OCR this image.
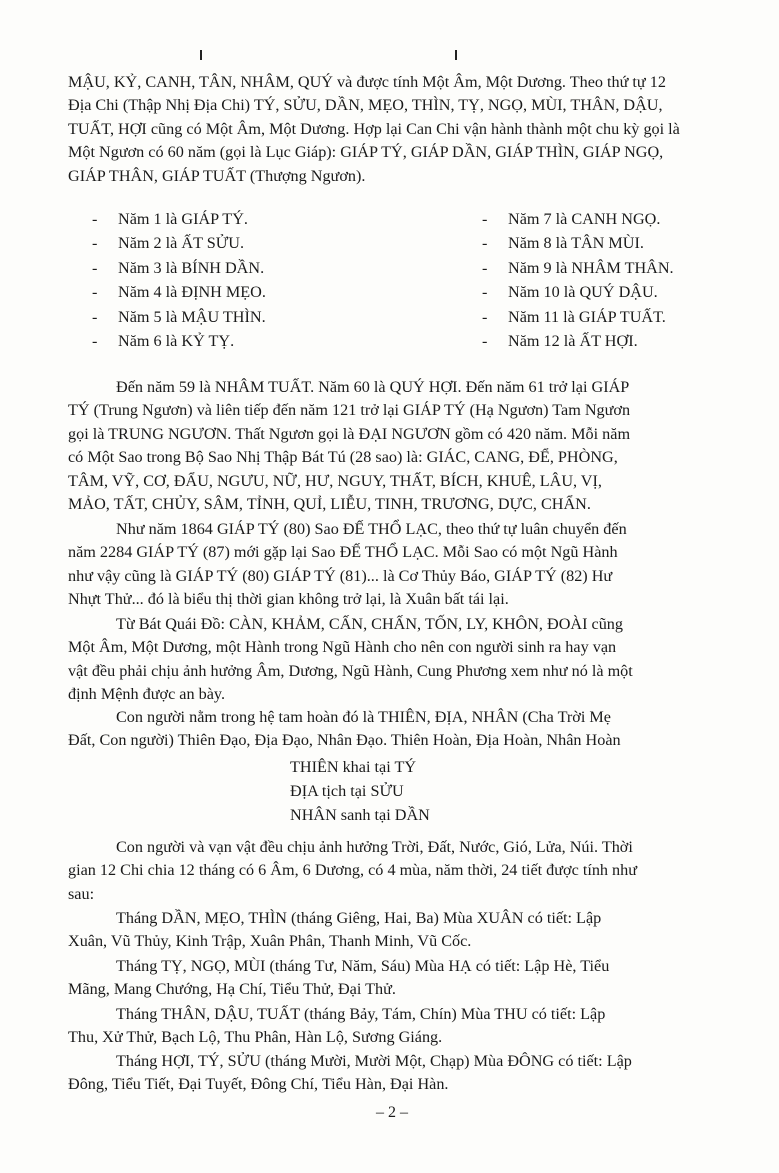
MẬU, KỶ, CANH, TÂN, NHÂM, QUÝ và được tính Một Âm, Một Dương. Theo thứ tự 12
Địa Chi (Thập Nhị Địa Chi) TÝ, SỬU, DẦN, MẸO, THÌN, TỴ, NGỌ, MÙI, THÂN, DẬU,
TUẤT, HỢI cũng có Một Âm, Một Dương. Hợp lại Can Chi vận hành thành một chu kỳ gọi là
Một Ngươn có 60 năm (gọi là Lục Giáp): GIÁP TÝ, GIÁP DẦN, GIÁP THÌN, GIÁP NGỌ,
GIÁP THÂN, GIÁP TUẤT (Thượng Ngươn).

- Năm 1 là GIÁP TÝ.
- Năm 2 là ẤT SỬU.
- Năm 3 là BÍNH DẦN.
- Năm 4 là ĐỊNH MẸO.
- Năm 5 là MẬU THÌN.
- Năm 6 là KỶ TỴ.
- Năm 7 là CANH NGỌ.
- Năm 8 là TÂN MÙI.
- Năm 9 là NHÂM THÂN.
- Năm 10 là QUÝ DẬU.
- Năm 11 là GIÁP TUẤT.
- Năm 12 là ẤT HỢI.

Đến năm 59 là NHÂM TUẤT. Năm 60 là QUÝ HỢI. Đến năm 61 trở lại GIÁP
TÝ (Trung Ngươn) và liên tiếp đến năm 121 trở lại GIÁP TÝ (Hạ Ngươn) Tam Ngươn
gọi là TRUNG NGƯƠN. Thất Ngươn gọi là ĐẠI NGƯƠN gồm có 420 năm. Mỗi năm
có Một Sao trong Bộ Sao Nhị Thập Bát Tú (28 sao) là: GIÁC, CANG, ĐỂ, PHÒNG,
TÂM, VỸ, CƠ, ĐẨU, NGƯU, NỮ, HƯ, NGUY, THẤT, BÍCH, KHUÊ, LÂU, VỊ,
MẢO, TẤT, CHỦY, SÂM, TỈNH, QUỈ, LIỄU, TINH, TRƯƠNG, DỰC, CHẨN.

Như năm 1864 GIÁP TÝ (80) Sao ĐẾ THỔ LẠC, theo thứ tự luân chuyển đến
năm 2284 GIÁP TÝ (87) mới gặp lại Sao ĐẾ THỔ LẠC. Mỗi Sao có một Ngũ Hành
như vậy cũng là GIÁP TÝ (80) GIÁP TÝ (81)... là Cơ Thủy Báo, GIÁP TÝ (82) Hư
Nhựt Thử... đó là biểu thị thời gian không trở lại, là Xuân bất tái lại.

Từ Bát Quái Đồ: CÀN, KHẢM, CẤN, CHẤN, TỐN, LY, KHÔN, ĐOÀI cũng
Một Âm, Một Dương, một Hành trong Ngũ Hành cho nên con người sinh ra hay vạn
vật đều phải chịu ảnh hưởng Âm, Dương, Ngũ Hành, Cung Phương xem như nó là một
định Mệnh được an bày.

Con người nằm trong hệ tam hoàn đó là THIÊN, ĐỊA, NHÂN (Cha Trời Mẹ
Đất, Con người) Thiên Đạo, Địa Đạo, Nhân Đạo. Thiên Hoàn, Địa Hoàn, Nhân Hoàn

THIÊN khai tại TÝ
ĐỊA tịch tại SỬU
NHÂN sanh tại DẦN

Con người và vạn vật đều chịu ảnh hưởng Trời, Đất, Nước, Gió, Lửa, Núi. Thời
gian 12 Chi chia 12 tháng có 6 Âm, 6 Dương, có 4 mùa, năm thời, 24 tiết được tính như
sau:

Tháng DẦN, MẸO, THÌN (tháng Giêng, Hai, Ba) Mùa XUÂN có tiết: Lập
Xuân, Vũ Thủy, Kinh Trập, Xuân Phân, Thanh Minh, Vũ Cốc.

Tháng TỴ, NGỌ, MÙI (tháng Tư, Năm, Sáu) Mùa HẠ có tiết: Lập Hè, Tiểu
Mãng, Mang Chướng, Hạ Chí, Tiểu Thử, Đại Thử.

Tháng THÂN, DẬU, TUẤT (tháng Bảy, Tám, Chín) Mùa THU có tiết: Lập
Thu, Xử Thử, Bạch Lộ, Thu Phân, Hàn Lộ, Sương Giáng.

Tháng HỢI, TÝ, SỬU (tháng Mười, Mười Một, Chạp) Mùa ĐÔNG có tiết: Lập
Đông, Tiểu Tiết, Đại Tuyết, Đông Chí, Tiểu Hàn, Đại Hàn.

– 2 –
